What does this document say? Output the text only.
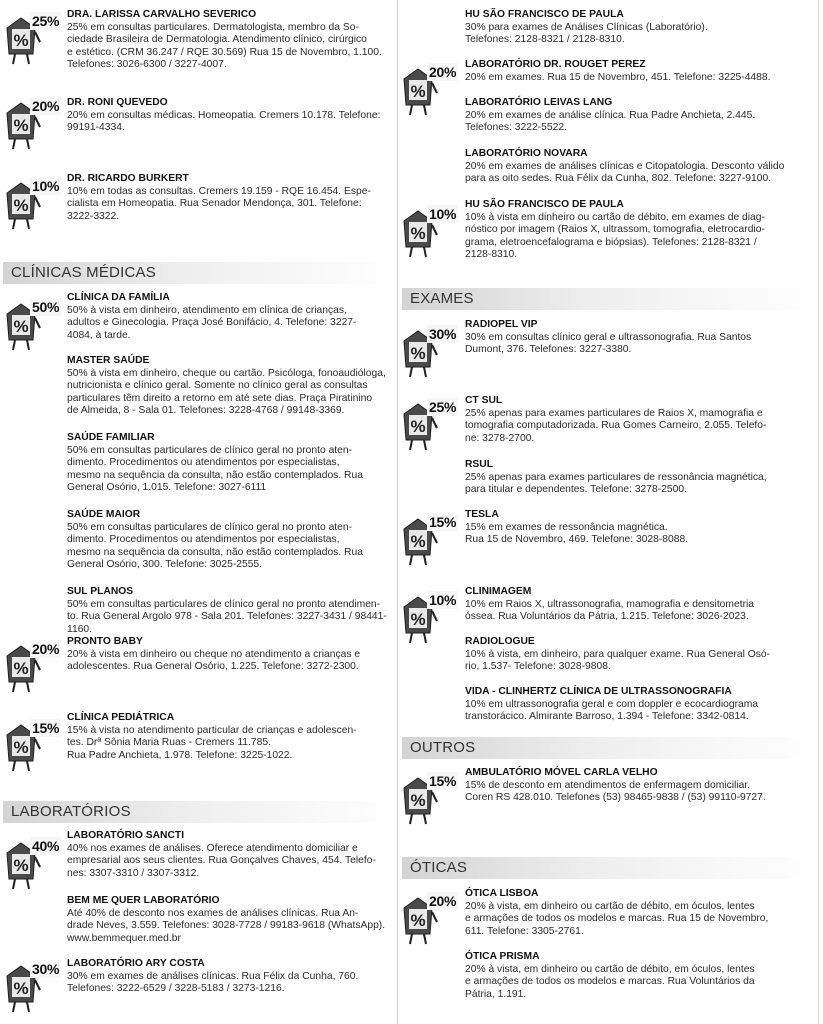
CLÍNICAS MÉDICAS
LABORATÓRIOS
EXAMES
OUTROS
ÓTICAS
%
25%
%
20%
%
10%
%
50%
%
20%
%
15%
%
40%
%
30%
%
20%
%
10%
%
30%
%
25%
%
15%
%
10%
%
15%
%
20%
DRA. LARISSA CARVALHO SEVERICO
25% em consultas particulares. Dermatologista, membro da So-
ciedade Brasileira de Dermatologia. Atendimento clínico, cirúrgico
e estético. (CRM 36.247 / RQE 30.569) Rua 15 de Novembro, 1.100.
Telefones: 3026-6300 / 3227-4007.
DR. RONI QUEVEDO
20% em consultas médicas. Homeopatia. Cremers 10.178. Telefone:
99191-4334.
DR. RICARDO BURKERT
10% em todas as consultas. Cremers 19.159 - RQE 16.454. Espe-
cialista em Homeopatia. Rua Senador Mendonça, 301. Telefone:
3222-3322.
CLÍNICA DA FAMÍLIA
50% à vista em dinheiro, atendimento em clínica de crianças,
adultos e Ginecologia. Praça José Bonifácio, 4. Telefone: 3227-
4084, à tarde.
MASTER SAÚDE
50% à vista em dinheiro, cheque ou cartão. Psicóloga, fonoaudióloga,
nutricionista e clínico geral. Somente no clínico geral as consultas
particulares têm direito a retorno em até sete dias. Praça Piratinino
de Almeida, 8 - Sala 01. Telefones: 3228-4768 / 99148-3369.
SAÚDE FAMILIAR
50% em consultas particulares de clínico geral no pronto aten-
dimento. Procedimentos ou atendimentos por especialistas,
mesmo na sequência da consulta, não estão contemplados. Rua
General Osório, 1.015. Telefone: 3027-6111
SAÚDE MAIOR
50% em consultas particulares de clínico geral no pronto aten-
dimento. Procedimentos ou atendimentos por especialistas,
mesmo na sequência da consulta, não estão contemplados. Rua
General Osório, 300. Telefone: 3025-2555.
SUL PLANOS
50% em consultas particulares de clínico geral no pronto atendimen-
to. Rua General Argolo 978 - Sala 201. Telefones: 3227-3431 / 98441-1160.
PRONTO BABY
20% à vista em dinheiro ou cheque no atendimento a crianças e
adolescentes. Rua General Osório, 1.225. Telefone: 3272-2300.
CLÍNICA PEDIÁTRICA
15% à vista no atendimento particular de crianças e adolescen-
tes. Drª Sônia Maria Ruas - Cremers 11.785.
Rua Padre Anchieta, 1.978. Telefone: 3225-1022.
LABORATÓRIO SANCTI
40% nos exames de análises. Oferece atendimento domiciliar e
empresarial aos seus clientes. Rua Gonçalves Chaves, 454. Telefo-
nes: 3307-3310 / 3307-3312.
BEM ME QUER LABORATÓRIO
Até 40% de desconto nos exames de análises clínicas. Rua An-
drade Neves, 3.559. Telefones: 3028-7728 / 99183-9618 (WhatsApp).
www.bemmequer.med.br
LABORATÓRIO ARY COSTA
30% em exames de análises clínicas. Rua Félix da Cunha, 760.
Telefones: 3222-6529 / 3228-5183 / 3273-1216.
HU SÃO FRANCISCO DE PAULA
30% para exames de Análises Clínicas (Laboratório).
Telefones: 2128-8321 / 2128-8310.
LABORATÓRIO DR. ROUGET PEREZ
20% em exames. Rua 15 de Novembro, 451. Telefone: 3225-4488.
LABORATÓRIO LEIVAS LANG
20% em exames de análise clínica. Rua Padre Anchieta, 2.445.
Telefones: 3222-5522.
LABORATÓRIO NOVARA
20% em exames de análises clínicas e Citopatologia. Desconto válido
para as oito sedes. Rua Félix da Cunha, 802. Telefone: 3227-9100.
HU SÃO FRANCISCO DE PAULA
10% à vista em dinheiro ou cartão de débito, em exames de diag-
nóstico por imagem (Raios X, ultrassom, tomografia, eletrocardio-
grama, eletroencefalograma e biópsias). Telefones: 2128-8321 /
2128-8310.
RADIOPEL VIP
30% em consultas clínico geral e ultrassonografia. Rua Santos
Dumont, 376. Telefones: 3227-3380.
CT SUL
25% apenas para exames particulares de Raios X, mamografia e
tomografia computadorizada. Rua Gomes Carneiro, 2.055. Telefo-
ne: 3278-2700.
RSUL
25% apenas para exames particulares de ressonância magnética,
para titular e dependentes. Telefone: 3278-2500.
TESLA
15% em exames de ressonância magnética.
Rua 15 de Novembro, 469. Telefone: 3028-8088.
CLINIMAGEM
10% em Raios X, ultrassonografia, mamografia e densitometria
óssea. Rua Voluntários da Pátria, 1.215. Telefone: 3026-2023.
RADIOLOGUE
10% à vista, em dinheiro, para qualquer exame. Rua General Osó-
rio, 1.537- Telefone: 3028-9808.
VIDA - CLINHERTZ CLÍNICA DE ULTRASSONOGRAFIA
10% em ultrassonografia geral e com doppler e ecocardiograma
transtorácico. Almirante Barroso, 1.394 - Telefone: 3342-0814.
AMBULATÓRIO MÓVEL CARLA VELHO
15% de desconto em atendimentos de enfermagem domiciliar.
Coren RS 428.010. Telefones (53) 98465-9838 / (53) 99110-9727.
ÓTICA LISBOA
20% à vista, em dinheiro ou cartão de débito, em óculos, lentes
e armações de todos os modelos e marcas. Rua 15 de Novembro,
611. Telefone: 3305-2761.
ÓTICA PRISMA
20% à vista, em dinheiro ou cartão de débito, em óculos, lentes
e armações de todos os modelos e marcas. Rua Voluntários da
Pátria, 1.191.
